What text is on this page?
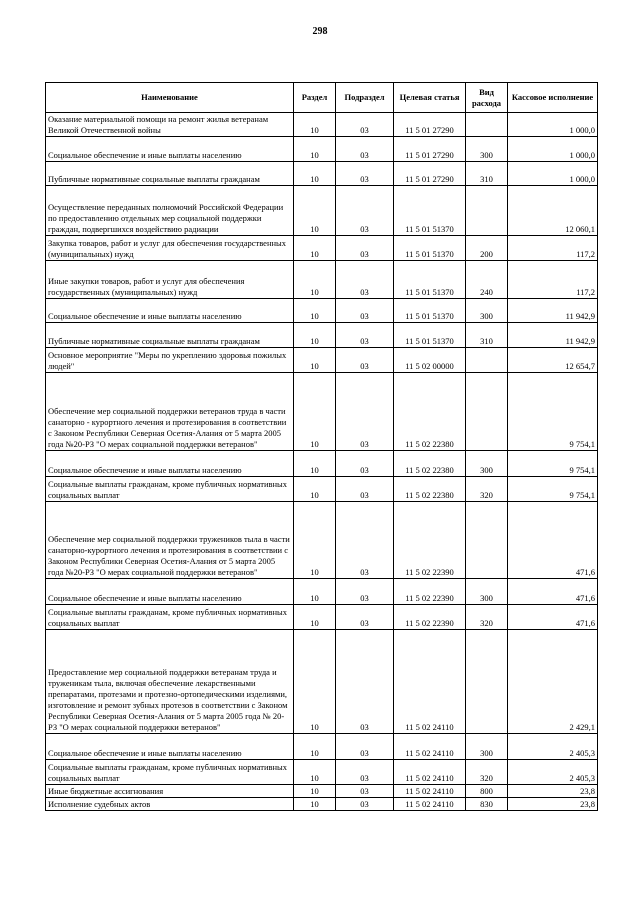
298
Наименование	Раздел	Подраздел	Целевая статья	Вид расхода	Кассовое исполнение
Оказание материальной помощи на ремонт жилья ветеранам Великой Отечественной войны	10	03	11 5 01 27290		1 000,0
Социальное обеспечение и иные выплаты населению	10	03	11 5 01 27290	300	1 000,0
Публичные нормативные социальные выплаты гражданам	10	03	11 5 01 27290	310	1 000,0
Осуществление переданных полномочий Российской Федерации по предоставлению отдельных мер социальной поддержки граждан, подвергшихся воздействию радиации	10	03	11 5 01 51370		12 060,1
Закупка товаров, работ и услуг для обеспечения государственных (муниципальных) нужд	10	03	11 5 01 51370	200	117,2
Иные закупки товаров, работ и услуг для обеспечения государственных (муниципальных) нужд	10	03	11 5 01 51370	240	117,2
Социальное обеспечение и иные выплаты населению	10	03	11 5 01 51370	300	11 942,9
Публичные нормативные социальные выплаты гражданам	10	03	11 5 01 51370	310	11 942,9
Основное мероприятие "Меры по укреплению здоровья пожилых людей"	10	03	11 5 02 00000		12 654,7
Обеспечение мер социальной поддержки ветеранов труда в части санаторно - курортного лечения и протезирования в соответствии с Законом Республики Северная Осетия-Алания от 5 марта 2005 года №20-РЗ "О мерах социальной поддержки ветеранов"	10	03	11 5 02 22380		9 754,1
Социальное обеспечение и иные выплаты населению	10	03	11 5 02 22380	300	9 754,1
Социальные выплаты гражданам, кроме публичных нормативных социальных выплат	10	03	11 5 02 22380	320	9 754,1
Обеспечение мер социальной поддержки тружеников тыла в части санаторно-курортного лечения и протезирования в соответствии с Законом Республики Северная Осетия-Алания от 5 марта 2005 года №20-РЗ "О мерах социальной поддержки ветеранов"	10	03	11 5 02 22390		471,6
Социальное обеспечение и иные выплаты населению	10	03	11 5 02 22390	300	471,6
Социальные выплаты гражданам, кроме публичных нормативных социальных выплат	10	03	11 5 02 22390	320	471,6
Предоставление мер социальной поддержки ветеранам труда и труженикам тыла, включая обеспечение лекарственными препаратами, протезами и протезно-ортопедическими изделиями, изготовление и ремонт зубных протезов в соответствии с Законом Республики Северная Осетия-Алания от 5 марта 2005 года № 20-РЗ "О мерах социальной поддержки ветеранов"	10	03	11 5 02 24110		2 429,1
Социальное обеспечение и иные выплаты населению	10	03	11 5 02 24110	300	2 405,3
Социальные выплаты гражданам, кроме публичных нормативных социальных выплат	10	03	11 5 02 24110	320	2 405,3
Иные бюджетные ассигнования	10	03	11 5 02 24110	800	23,8
Исполнение судебных актов	10	03	11 5 02 24110	830	23,8
